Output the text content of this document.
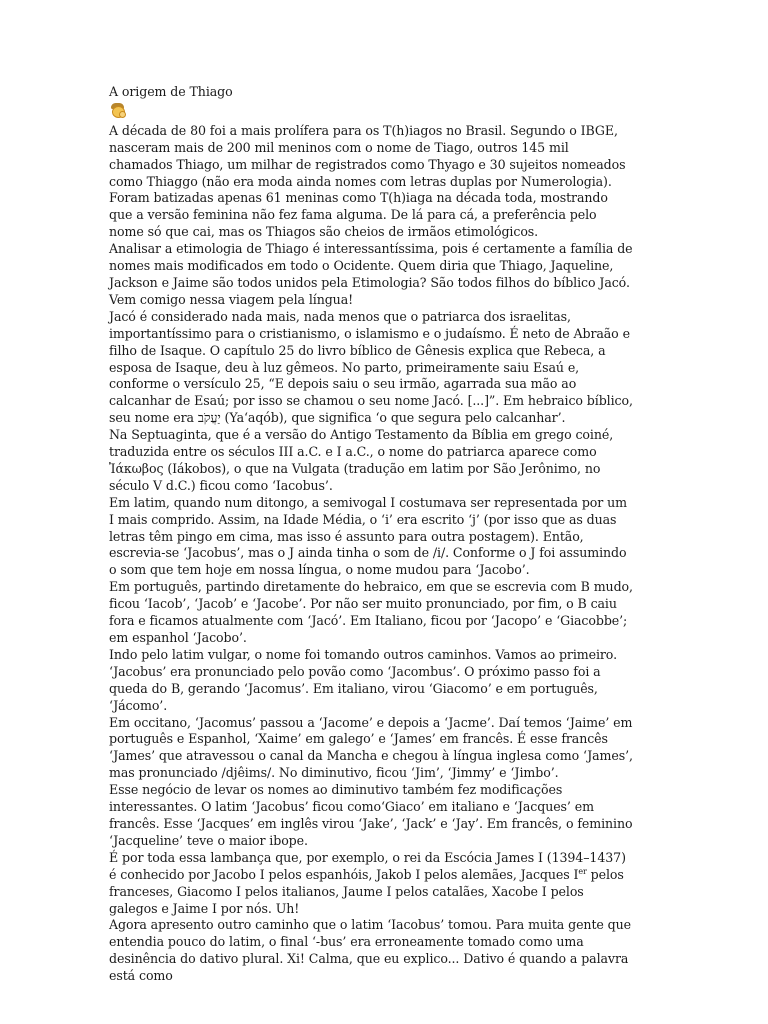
A origem de Thiago

A década de 80 foi a mais prolífera para os T(h)iagos no Brasil. Segundo o IBGE, nasceram mais de 200 mil meninos com o nome de Tiago, outros 145 mil chamados Thiago, um milhar de registrados como Thyago e 30 sujeitos nomeados como Thiaggo (não era moda ainda nomes com letras duplas por Numerologia). Foram batizadas apenas 61 meninas como T(h)iaga na década toda, mostrando que a versão feminina não fez fama alguma. De lá para cá, a preferência pelo nome só que cai, mas os Thiagos são cheios de irmãos etimológicos.

Analisar a etimologia de Thiago é interessantíssima, pois é certamente a família de nomes mais modificados em todo o Ocidente. Quem diria que Thiago, Jaqueline, Jackson e Jaime são todos unidos pela Etimologia? São todos filhos do bíblico Jacó. Vem comigo nessa viagem pela língua!

Jacó é considerado nada mais, nada menos que o patriarca dos israelitas, importantíssimo para o cristianismo, o islamismo e o judaísmo. É neto de Abraão e filho de Isaque. O capítulo 25 do livro bíblico de Gênesis explica que Rebeca, a esposa de Isaque, deu à luz gêmeos. No parto, primeiramente saiu Esaú e, conforme o versículo 25, “E depois saiu o seu irmão, agarrada sua mão ao calcanhar de Esaú; por isso se chamou o seu nome Jacó. [...]”. Em hebraico bíblico, seu nome era יַעֲקֹב (Ya‘aqób), que significa ‘o que segura pelo calcanhar’.

Na Septuaginta, que é a versão do Antigo Testamento da Bíblia em grego coiné, traduzida entre os séculos III a.C. e I a.C., o nome do patriarca aparece como Ἰάκωβος (Iákobos), o que na Vulgata (tradução em latim por São Jerônimo, no século V d.C.) ficou como ‘Iacobus’.

Em latim, quando num ditongo, a semivogal I costumava ser representada por um I mais comprido. Assim, na Idade Média, o ‘i’ era escrito ‘j’ (por isso que as duas letras têm pingo em cima, mas isso é assunto para outra postagem). Então, escrevia-se ‘Jacobus’, mas o J ainda tinha o som de /i/. Conforme o J foi assumindo o som que tem hoje em nossa língua, o nome mudou para ‘Jacobo’.

Em português, partindo diretamente do hebraico, em que se escrevia com B mudo, ficou ‘Iacob’, ‘Jacob’ e ‘Jacobe’. Por não ser muito pronunciado, por fim, o B caiu fora e ficamos atualmente com ‘Jacó’. Em Italiano, ficou por ‘Jacopo’ e ‘Giacobbe’; em espanhol ‘Jacobo’.

Indo pelo latim vulgar, o nome foi tomando outros caminhos. Vamos ao primeiro. ‘Jacobus’ era pronunciado pelo povão como ‘Jacombus’. O próximo passo foi a queda do B, gerando ‘Jacomus’. Em italiano, virou ‘Giacomo’ e em português, ‘Jácomo’.

Em occitano, ‘Jacomus’ passou a ‘Jacome’ e depois a ‘Jacme’. Daí temos ‘Jaime’ em português e Espanhol, ‘Xaime’ em galego’ e ‘James’ em francês. É esse francês ‘James’ que atravessou o canal da Mancha e chegou à língua inglesa como ‘James’, mas pronunciado /djêims/. No diminutivo, ficou ‘Jim’, ‘Jimmy’ e ‘Jimbo’.

Esse negócio de levar os nomes ao diminutivo também fez modificações interessantes. O latim ‘Jacobus’ ficou como‘Giaco’ em italiano e ‘Jacques’ em francês. Esse ‘Jacques’ em inglês virou ‘Jake’, ‘Jack’ e ‘Jay’. Em francês, o feminino ‘Jacqueline’ teve o maior ibope.

É por toda essa lambança que, por exemplo, o rei da Escócia James I (1394–1437) é conhecido por Jacobo I pelos espanhóis, Jakob I pelos alemães, Jacques Ier pelos franceses, Giacomo I pelos italianos, Jaume I pelos catalães, Xacobe I pelos galegos e Jaime I por nós. Uh!

Agora apresento outro caminho que o latim ‘Iacobus’ tomou. Para muita gente que entendia pouco do latim, o final ‘-bus’ era erroneamente tomado como uma desinência do dativo plural. Xi! Calma, que eu explico... Dativo é quando a palavra está como
